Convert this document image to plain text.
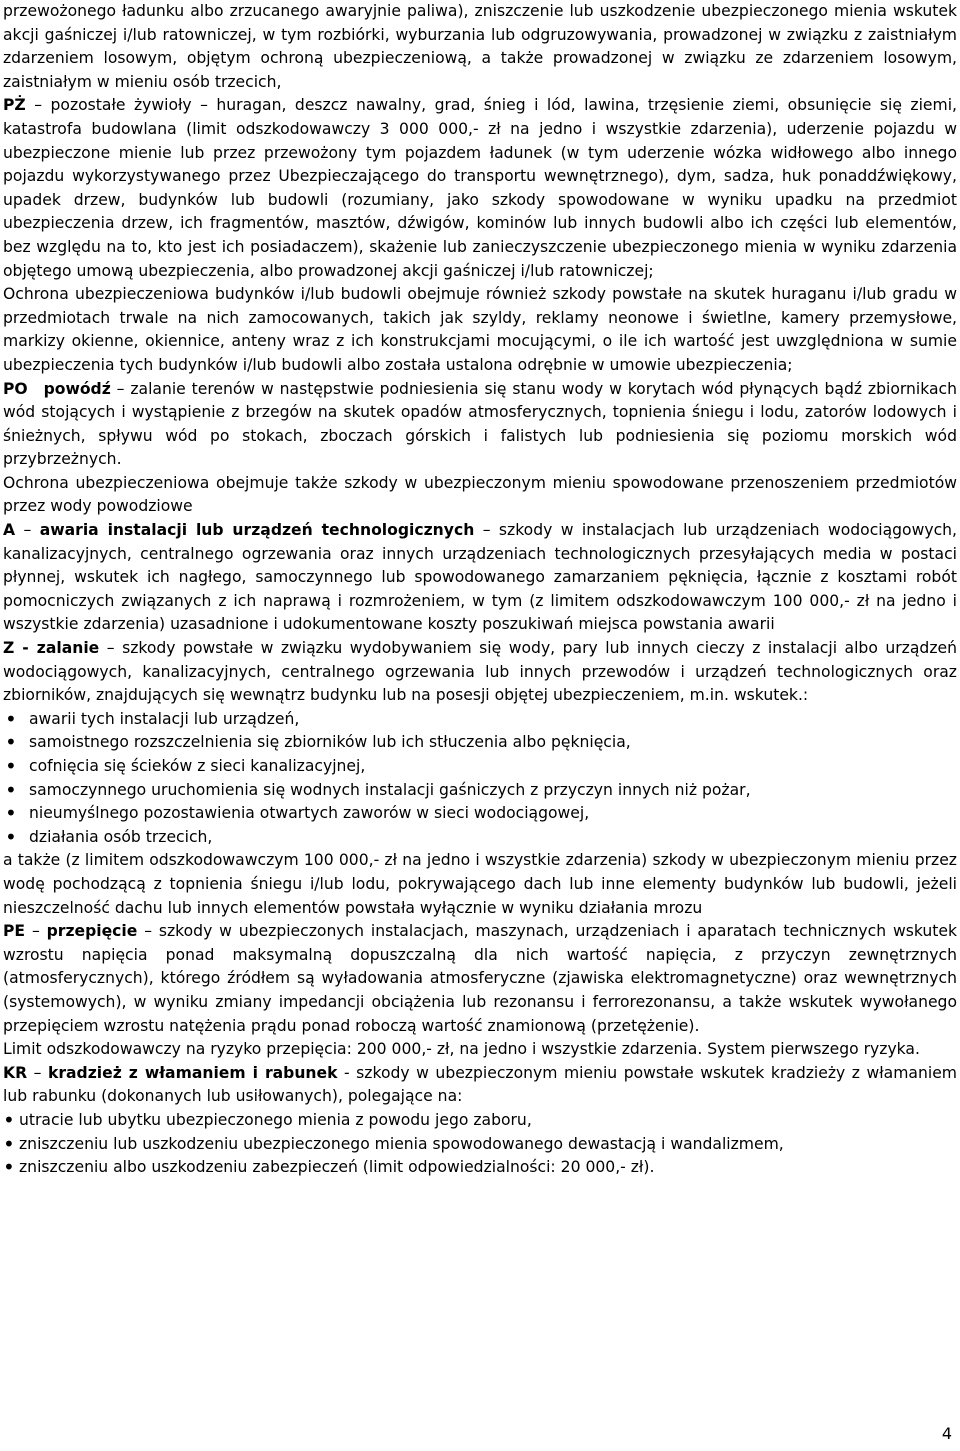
przewożonego ładunku albo zrzucanego awaryjnie paliwa), zniszczenie lub uszkodzenie ubezpieczonego mienia wskutek akcji gaśniczej i/lub ratowniczej, w tym rozbiórki, wyburzania lub odgruzowywania, prowadzonej w związku z zaistniałym zdarzeniem losowym, objętym ochroną ubezpieczeniową, a także prowadzonej w związku ze zdarzeniem losowym, zaistniałym w mieniu osób trzecich,

PŻ – pozostałe żywioły – huragan, deszcz nawalny, grad, śnieg i lód, lawina, trzęsienie ziemi, obsunięcie się ziemi, katastrofa budowlana (limit odszkodowawczy 3 000 000,- zł na jedno i wszystkie zdarzenia), uderzenie pojazdu w ubezpieczone mienie lub przez przewożony tym pojazdem ładunek (w tym uderzenie wózka widłowego albo innego pojazdu wykorzystywanego przez Ubezpieczającego do transportu wewnętrznego), dym, sadza, huk ponaddźwiękowy, upadek drzew, budynków lub budowli (rozumiany, jako szkody spowodowane w wyniku upadku na przedmiot ubezpieczenia drzew, ich fragmentów, masztów, dźwigów, kominów lub innych budowli albo ich części lub elementów, bez względu na to, kto jest ich posiadaczem), skażenie lub zanieczyszczenie ubezpieczonego mienia w wyniku zdarzenia objętego umową ubezpieczenia, albo prowadzonej akcji gaśniczej i/lub ratowniczej;

Ochrona ubezpieczeniowa budynków i/lub budowli obejmuje również szkody powstałe na skutek huraganu i/lub gradu w przedmiotach trwale na nich zamocowanych, takich jak szyldy, reklamy neonowe i świetlne, kamery przemysłowe, markizy okienne, okiennice, anteny wraz z ich konstrukcjami mocującymi, o ile ich wartość jest uwzględniona w sumie ubezpieczenia tych budynków i/lub budowli albo została ustalona odrębnie w umowie ubezpieczenia;

PO powódź – zalanie terenów w następstwie podniesienia się stanu wody w korytach wód płynących bądź zbiornikach wód stojących i wystąpienie z brzegów na skutek opadów atmosferycznych, topnienia śniegu i lodu, zatorów lodowych i śnieżnych, spływu wód po stokach, zboczach górskich i falistych lub podniesienia się poziomu morskich wód przybrzeżnych.

Ochrona ubezpieczeniowa obejmuje także szkody w ubezpieczonym mieniu spowodowane przenoszeniem przedmiotów przez wody powodziowe

A – awaria instalacji lub urządzeń technologicznych – szkody w instalacjach lub urządzeniach wodociągowych, kanalizacyjnych, centralnego ogrzewania oraz innych urządzeniach technologicznych przesyłających media w postaci płynnej, wskutek ich nagłego, samoczynnego lub spowodowanego zamarzaniem pęknięcia, łącznie z kosztami robót pomocniczych związanych z ich naprawą i rozmrożeniem, w tym (z limitem odszkodowawczym 100 000,- zł na jedno i wszystkie zdarzenia) uzasadnione i udokumentowane koszty poszukiwań miejsca powstania awarii

Z - zalanie – szkody powstałe w związku wydobywaniem się wody, pary lub innych cieczy z instalacji albo urządzeń wodociągowych, kanalizacyjnych, centralnego ogrzewania lub innych przewodów i urządzeń technologicznych oraz zbiorników, znajdujących się wewnątrz budynku lub na posesji objętej ubezpieczeniem, m.in. wskutek.:

• awarii tych instalacji lub urządzeń,
• samoistnego rozszczelnienia się zbiorników lub ich stłuczenia albo pęknięcia,
• cofnięcia się ścieków z sieci kanalizacyjnej,
• samoczynnego uruchomienia się wodnych instalacji gaśniczych z przyczyn innych niż pożar,
• nieumyślnego pozostawienia otwartych zaworów w sieci wodociągowej,
• działania osób trzecich,

a także (z limitem odszkodowawczym 100 000,- zł na jedno i wszystkie zdarzenia) szkody w ubezpieczonym mieniu przez wodę pochodzącą z topnienia śniegu i/lub lodu, pokrywającego dach lub inne elementy budynków lub budowli, jeżeli nieszczelność dachu lub innych elementów powstała wyłącznie w wyniku działania mrozu

PE – przepięcie – szkody w ubezpieczonych instalacjach, maszynach, urządzeniach i aparatach technicznych wskutek wzrostu napięcia ponad maksymalną dopuszczalną dla nich wartość napięcia, z przyczyn zewnętrznych (atmosferycznych), którego źródłem są wyładowania atmosferyczne (zjawiska elektromagnetyczne) oraz wewnętrznych (systemowych), w wyniku zmiany impedancji obciążenia lub rezonansu i ferrorezonansu, a także wskutek wywołanego przepięciem wzrostu natężenia prądu ponad roboczą wartość znamionową (przetężenie).

Limit odszkodowawczy na ryzyko przepięcia: 200 000,- zł, na jedno i wszystkie zdarzenia. System pierwszego ryzyka.

KR – kradzież z włamaniem i rabunek - szkody w ubezpieczonym mieniu powstałe wskutek kradzieży z włamaniem lub rabunku (dokonanych lub usiłowanych), polegające na:

• utracie lub ubytku ubezpieczonego mienia z powodu jego zaboru,
• zniszczeniu lub uszkodzeniu ubezpieczonego mienia spowodowanego dewastacją i wandalizmem,
• zniszczeniu albo uszkodzeniu zabezpieczeń (limit odpowiedzialności: 20 000,- zł).
4
